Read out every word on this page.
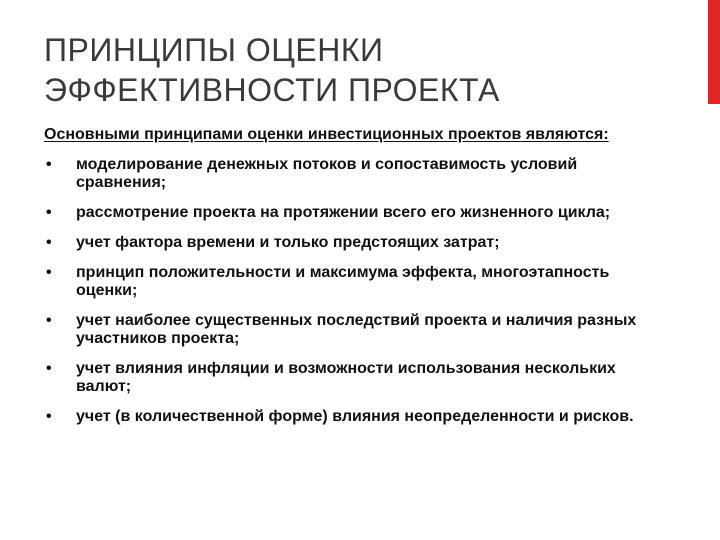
ПРИНЦИПЫ ОЦЕНКИ
ЭФФЕКТИВНОСТИ ПРОЕКТА

Основными принципами оценки инвестиционных проектов являются:

• моделирование денежных потоков и сопоставимость условий сравнения;
• рассмотрение проекта на протяжении всего его жизненного цикла;
• учет фактора времени и только предстоящих затрат;
• принцип положительности и максимума эффекта, многоэтапность оценки;
• учет наиболее существенных последствий проекта и наличия разных участников проекта;
• учет влияния инфляции и возможности использования нескольких валют;
• учет (в количественной форме) влияния неопределенности и рисков.
